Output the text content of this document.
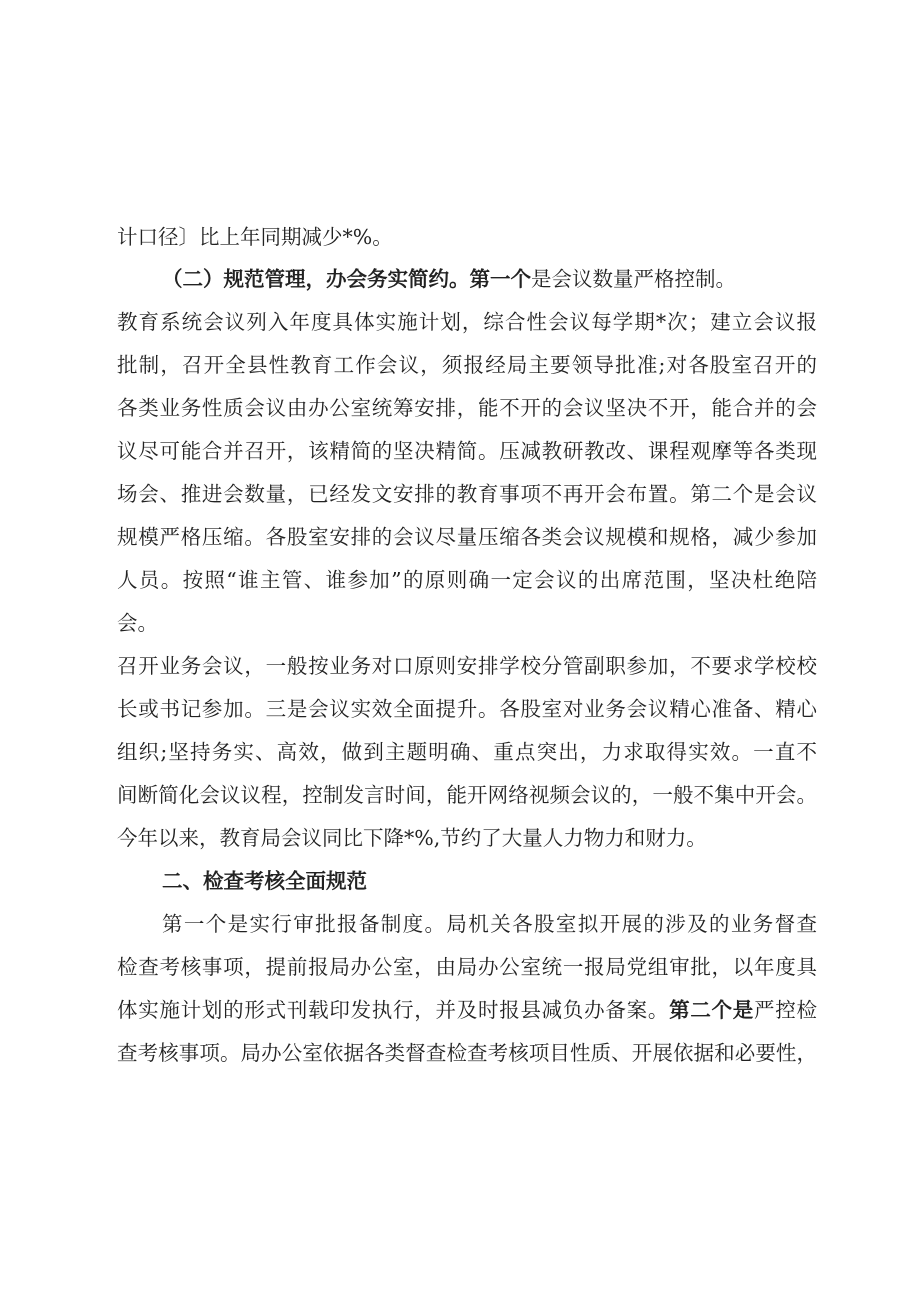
计口径〕比上年同期减少*%。
（二）规范管理，办会务实简约。第一个是会议数量严格控制。
教育系统会议列入年度具体实施计划，综合性会议每学期*次；建立会议报
批制，召开全县性教育工作会议，须报经局主要领导批准;对各股室召开的
各类业务性质会议由办公室统筹安排，能不开的会议坚决不开，能合并的会
议尽可能合并召开，该精简的坚决精简。压减教研教改、课程观摩等各类现
场会、推进会数量，已经发文安排的教育事项不再开会布置。第二个是会议
规模严格压缩。各股室安排的会议尽量压缩各类会议规模和规格，减少参加
人员。按照“谁主管、谁参加”的原则确一定会议的出席范围，坚决杜绝陪
会。
召开业务会议，一般按业务对口原则安排学校分管副职参加，不要求学校校
长或书记参加。三是会议实效全面提升。各股室对业务会议精心准备、精心
组织;坚持务实、高效，做到主题明确、重点突出，力求取得实效。一直不
间断简化会议议程，控制发言时间，能开网络视频会议的，一般不集中开会。
今年以来，教育局会议同比下降*%,节约了大量人力物力和财力。
二、检查考核全面规范
第一个是实行审批报备制度。局机关各股室拟开展的涉及的业务督查
检查考核事项，提前报局办公室，由局办公室统一报局党组审批，以年度具
体实施计划的形式刊载印发执行，并及时报县减负办备案。第二个是严控检
查考核事项。局办公室依据各类督查检查考核项目性质、开展依据和必要性，
